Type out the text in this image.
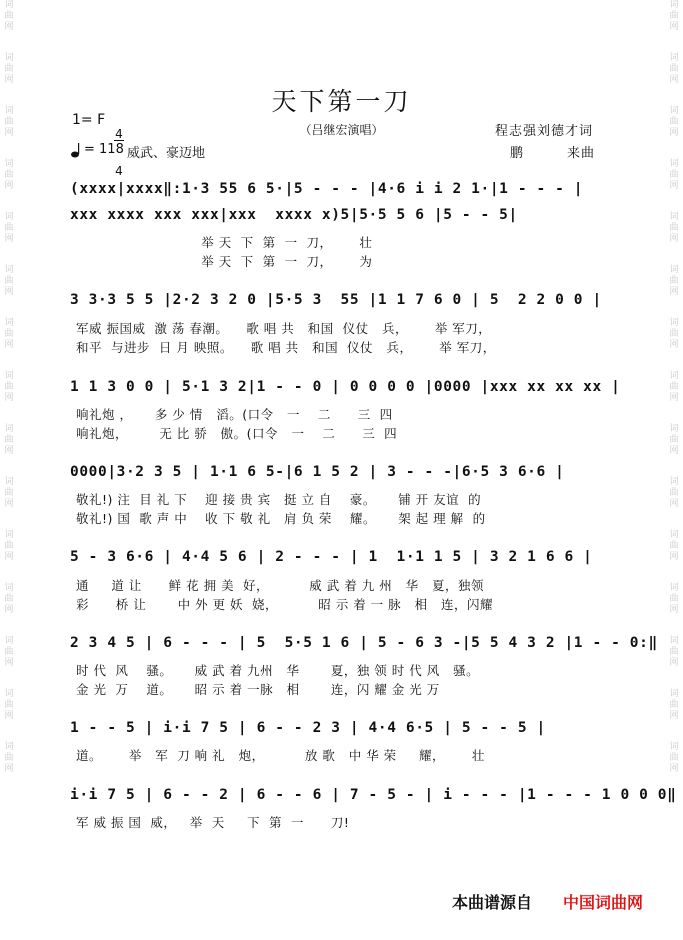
词
曲
网
词
曲
网
词
曲
网
词
曲
网
词
曲
网
词
曲
网
词
曲
网
词
曲
网
词
曲
网
词
曲
网
词
曲
网
词
曲
网
词
曲
网
词
曲
网
词
曲
网
词
曲
网
词
曲
网
词
曲
网
词
曲
网
词
曲
网
词
曲
网
词
曲
网
词
曲
网
词
曲
网
词
曲
网
词
曲
网
词
曲
网
词
曲
网
词
曲
网
词
曲
网
天下第一刀
（吕继宏演唱）
1= F

4

4

= 118 威武、豪迈地
程志强刘德才词
鹏	来曲
(xxxx|xxxx‖:1·3 55 6 5·|5 - - - |4·6 i i 2 1·|1 - - - |
xxx xxxx xxx xxx|xxx  xxxx x)5|5·5 5 6 |5 - - 5|
3 3·3 5 5 |2·2 3 2 0 |5·5 3  55 |1 1 7 6 0 | 5  2 2 0 0 |
1 1 3 0 0 | 5·1 3 2|1 - - 0 | 0 0 0 0 |0000 |xxx xx xx xx |
0000|3·2 3 5 | 1·1 6 5-|6 1 5 2 | 3 - - -|6·5 3 6·6 |
5 - 3 6·6 | 4·4 5 6 | 2 - - - | 1  1·1 1 5 | 3 2 1 6 6 |
2 3 4 5 | 6 - - - | 5  5·5 1 6 | 5 - 6 3 -|5 5 4 3 2 |1 - - 0:‖
1 - - 5 | i·i 7 5 | 6 - - 2 3 | 4·4 6·5 | 5 - - 5 |
i·i 7 5 | 6 - - 2 | 6 - - 6 | 7 - 5 - | i - - - |1 - - - 1 0 0 0‖
举 天  下  第  一  刀，      壮
举 天  下  第  一  刀，      为
军威 振国威  激 荡 春潮。    歌 唱 共   和国  仪仗   兵，      举 军刀，
和平  与进步  日 月 映照。    歌 唱 共   和国  仪仗   兵，      举 军刀，
响礼炮 ，     多 少 情   滔。(口令   一    二      三  四
响礼炮，       无 比 骄   傲。(口令   一    二      三  四
敬礼!) 注  目 礼 下    迎 接 贵 宾   挺 立 自    豪。     铺 开 友谊  的
敬礼!) 国  歌 声 中    收 下 敬 礼   肩 负 荣    耀。     架 起 理 解  的
通     道 让      鲜 花 拥 美  好，         威 武 着 九 州   华   夏，独领
彩      桥 让       中 外 更 妖  娆，         昭 示 着 一 脉   相   连，闪耀
时 代  风    骚。     威 武 着 九州   华       夏，独 领 时 代 风   骚。
金 光  万    道。     昭 示 着 一脉   相       连，闪 耀 金 光 万
道。      举   军  刀 响 礼   炮，         放 歌   中 华 荣     耀，      壮
军 威 振 国  威，   举  天     下  第  一      刀!
本曲谱源自 中国词曲网
